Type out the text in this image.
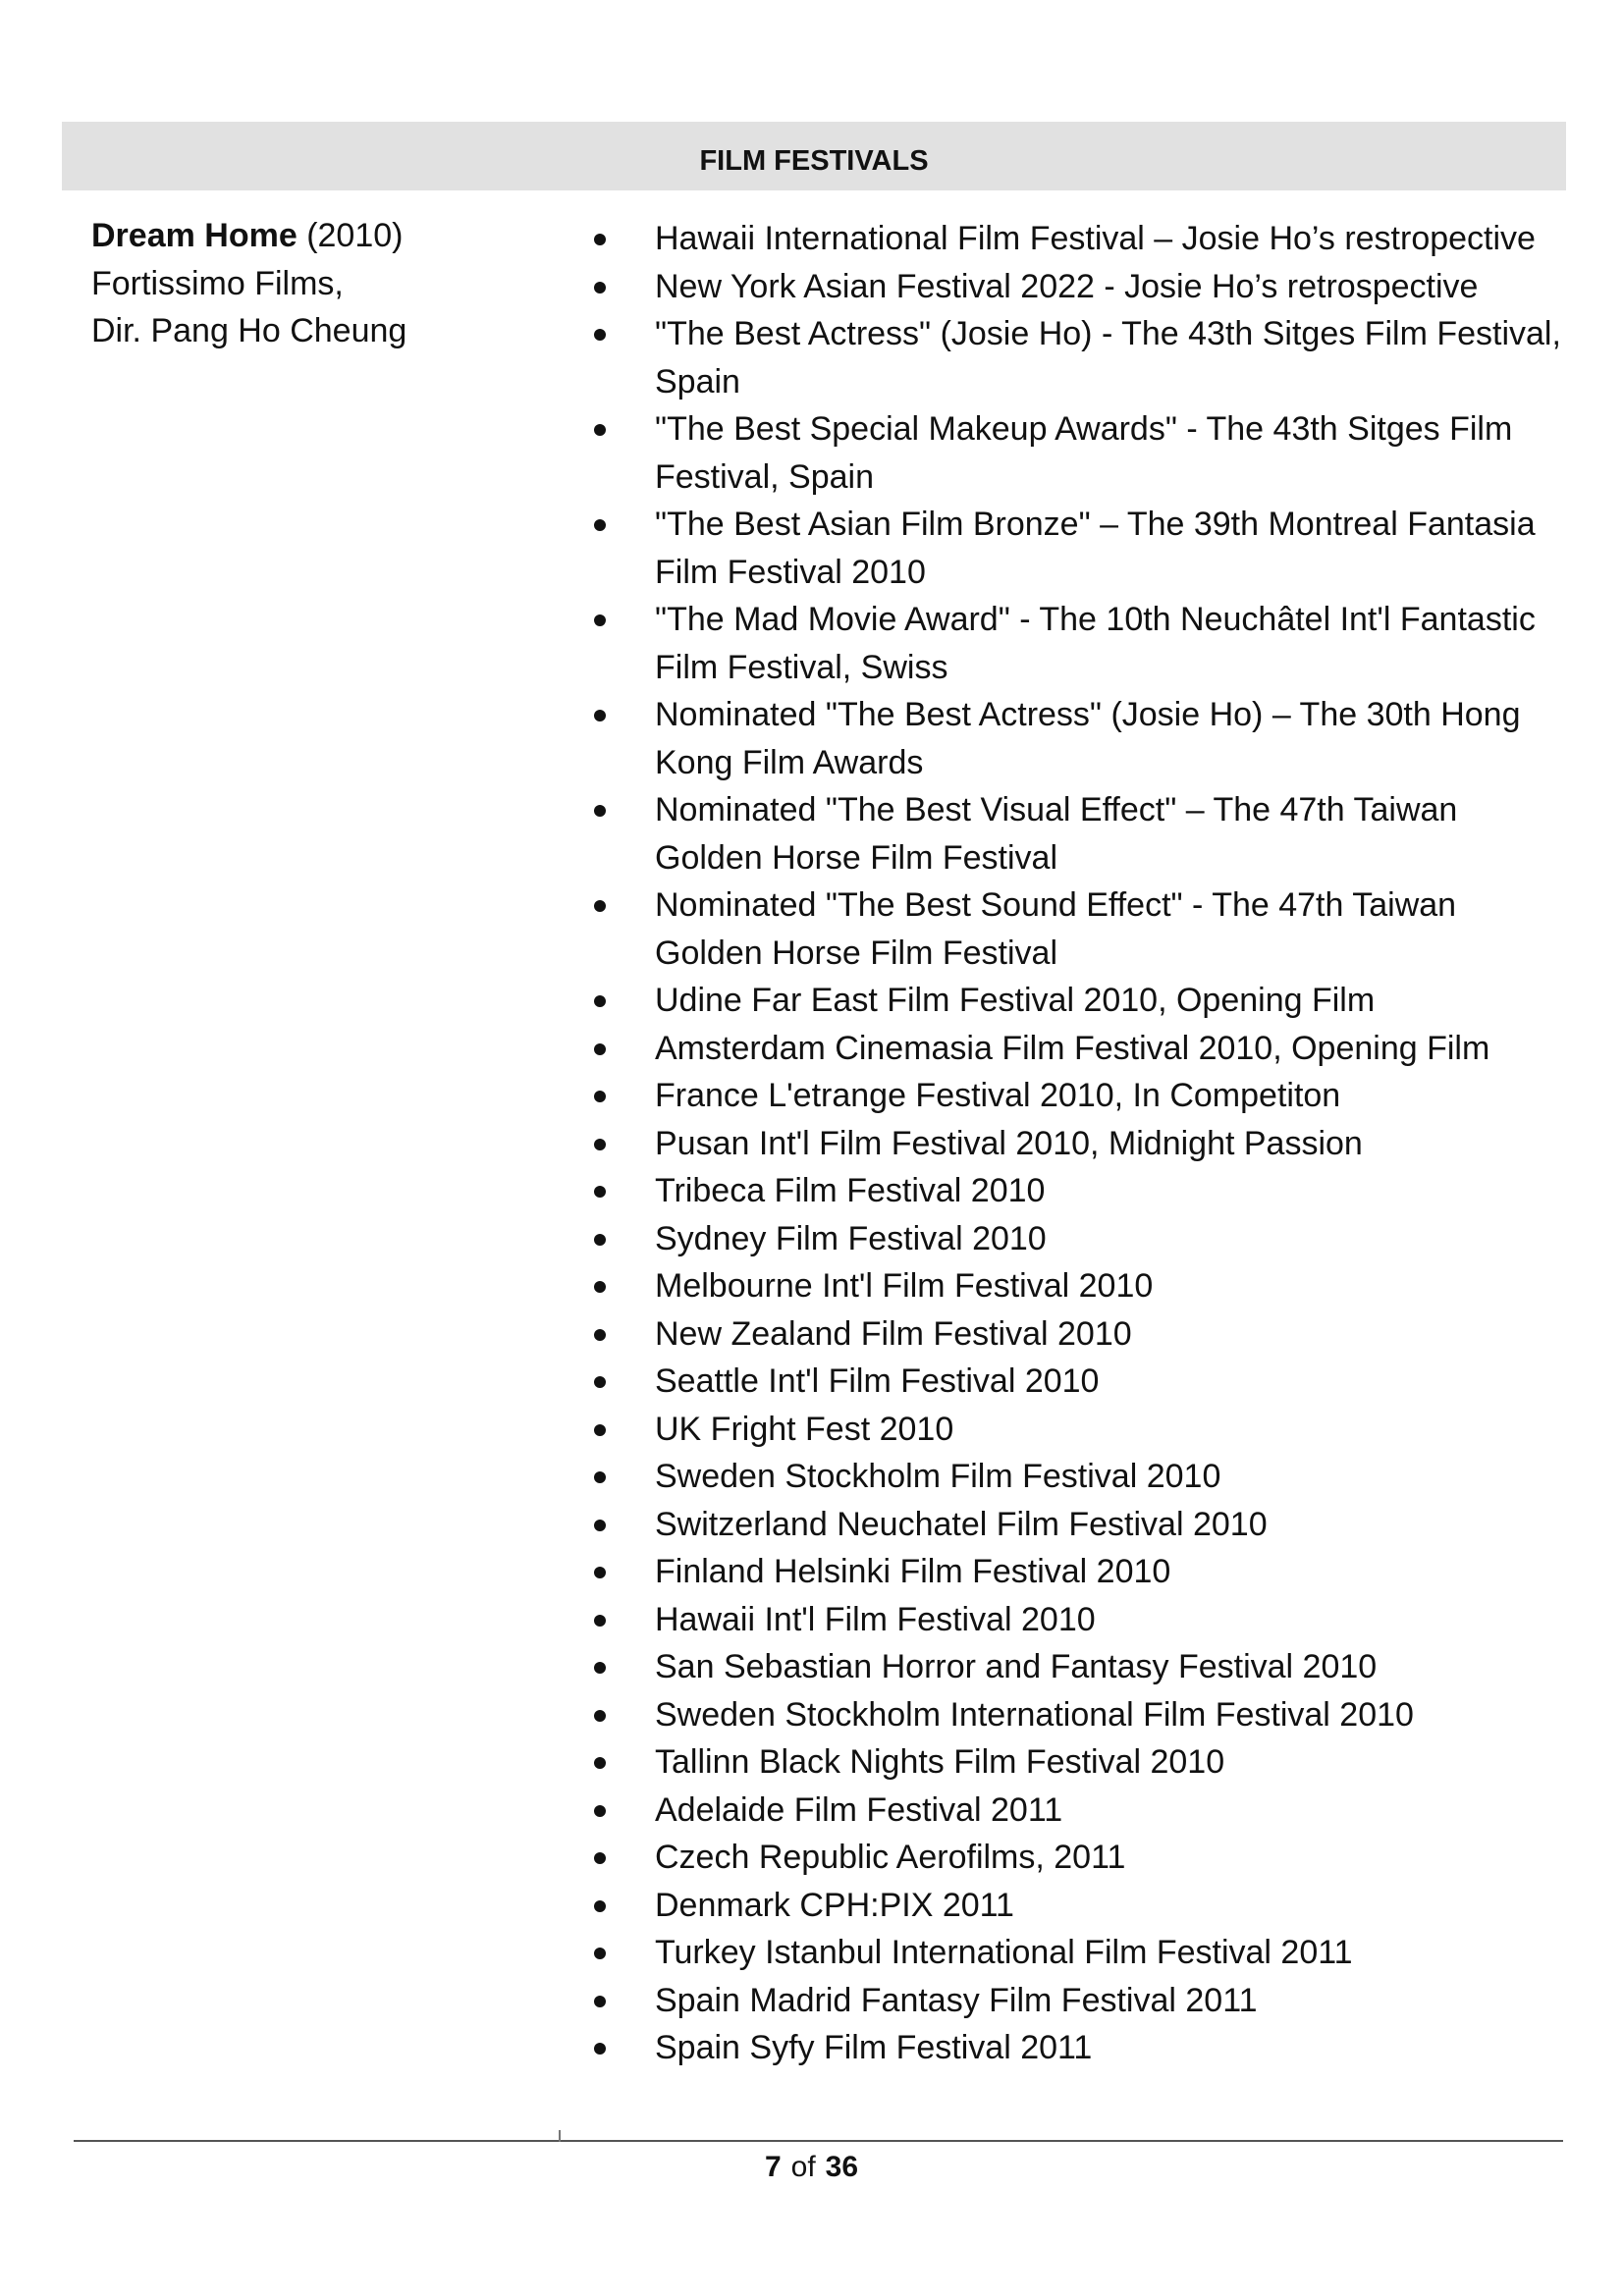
FILM FESTIVALS
Dream Home (2010)
Fortissimo Films,
Dir. Pang Ho Cheung
Hawaii International Film Festival – Josie Ho’s restropective
New York Asian Festival 2022 - Josie Ho’s retrospective
"The Best Actress" (Josie Ho) - The 43th Sitges Film Festival, Spain
"The Best Special Makeup Awards" - The 43th Sitges Film Festival, Spain
"The Best Asian Film Bronze" – The 39th Montreal Fantasia Film Festival 2010
"The Mad Movie Award" - The 10th Neuchâtel Int'l Fantastic Film Festival, Swiss
Nominated "The Best Actress" (Josie Ho) – The 30th Hong Kong Film Awards
Nominated "The Best Visual Effect" – The 47th Taiwan Golden Horse Film Festival
Nominated "The Best Sound Effect" - The 47th Taiwan Golden Horse Film Festival
Udine Far East Film Festival 2010, Opening Film
Amsterdam Cinemasia Film Festival 2010, Opening Film
France L'etrange Festival 2010, In Competiton
Pusan Int'l Film Festival 2010, Midnight Passion
Tribeca Film Festival 2010
Sydney Film Festival 2010
Melbourne Int'l Film Festival 2010
New Zealand Film Festival 2010
Seattle Int'l Film Festival 2010
UK Fright Fest 2010
Sweden Stockholm Film Festival 2010
Switzerland Neuchatel Film Festival 2010
Finland Helsinki Film Festival 2010
Hawaii Int'l Film Festival 2010
San Sebastian Horror and Fantasy Festival 2010
Sweden Stockholm International Film Festival 2010
Tallinn Black Nights Film Festival 2010
Adelaide Film Festival 2011
Czech Republic Aerofilms, 2011
Denmark CPH:PIX 2011
Turkey Istanbul International Film Festival 2011
Spain Madrid Fantasy Film Festival 2011
Spain Syfy Film Festival 2011
7 of 36
